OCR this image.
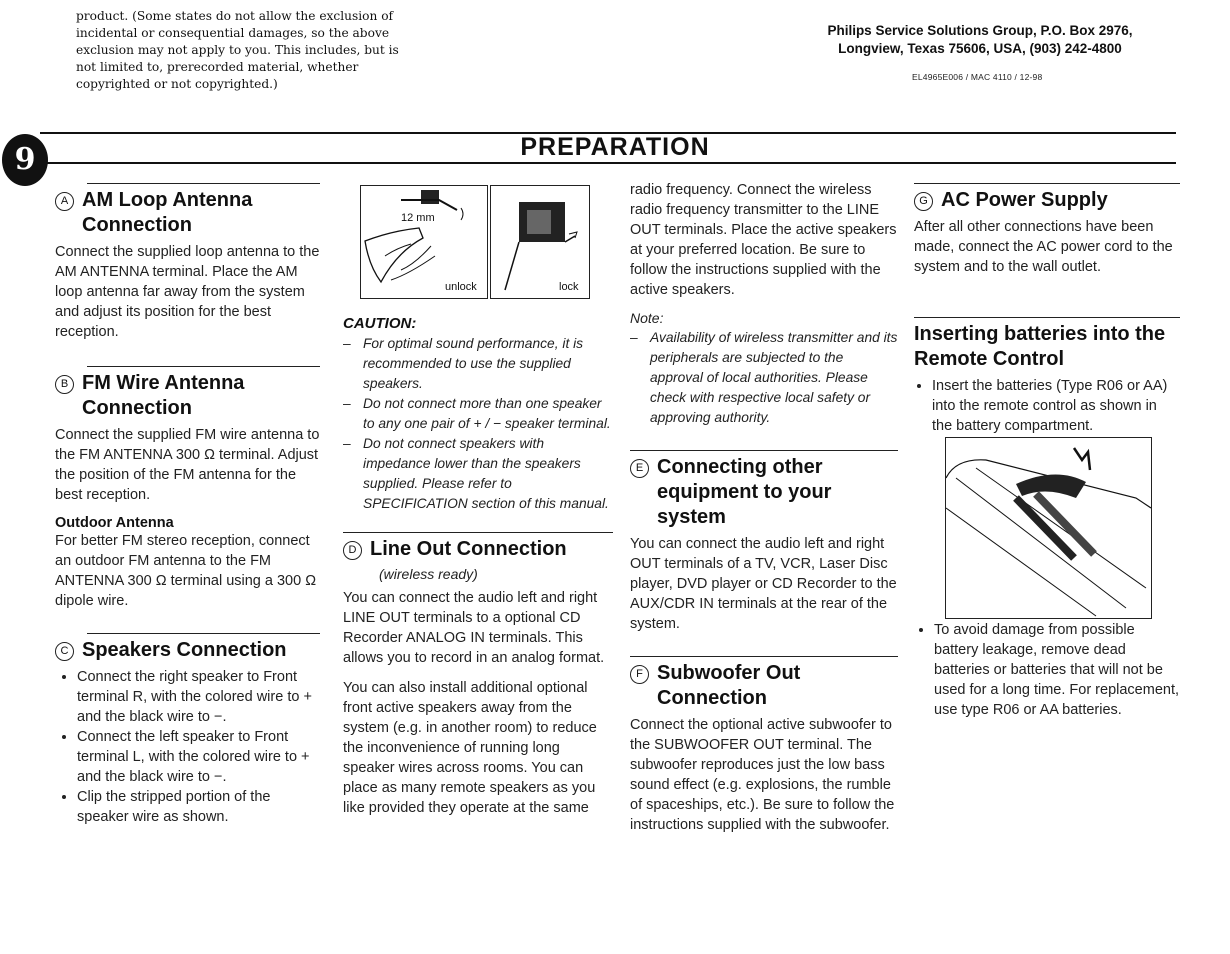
product. (Some states do not allow the exclusion of incidental or consequential damages, so the above exclusion may not apply to you. This includes, but is not limited to, prerecorded material, whether copyrighted or not copyrighted.)
Philips Service Solutions Group, P.O. Box 2976,
Longview, Texas 75606, USA, (903) 242-4800
EL4965E006 / MAC 4110 / 12-98
9	PREPARATION
A AM Loop Antenna Connection

Connect the supplied loop antenna to the AM ANTENNA terminal. Place the AM loop antenna far away from the system and adjust its position for the best reception.

B FM Wire Antenna Connection

Connect the supplied FM wire antenna to the FM ANTENNA 300 Ω terminal. Adjust the position of the FM antenna for the best reception.

Outdoor Antenna

For better FM stereo reception, connect an outdoor FM antenna to the FM ANTENNA 300 Ω terminal using a 300 Ω dipole wire.

C Speakers Connection
• Connect the right speaker to Front terminal R, with the colored wire to + and the black wire to −.
• Connect the left speaker to Front terminal L, with the colored wire to + and the black wire to −.
• Clip the stripped portion of the speaker wire as shown.
12 mm
unlock	lock
CAUTION:
– For optimal sound performance, it is recommended to use the supplied speakers.
– Do not connect more than one speaker to any one pair of + / − speaker terminal.
– Do not connect speakers with impedance lower than the speakers supplied. Please refer to SPECIFICATION section of this manual.
D Line Out Connection
(wireless ready)

You can connect the audio left and right LINE OUT terminals to a optional CD Recorder ANALOG IN terminals. This allows you to record in an analog format.

You can also install additional optional front active speakers away from the system (e.g. in another room) to reduce the inconvenience of running long speaker wires across rooms. You can place as many remote speakers as you like provided they operate at the same

radio frequency. Connect the wireless radio frequency transmitter to the LINE OUT terminals. Place the active speakers at your preferred location. Be sure to follow the instructions supplied with the active speakers.

Note:
– Availability of wireless transmitter and its peripherals are subjected to the approval of local authorities. Please check with respective local safety or approving authority.
E Connecting other equipment to your system

You can connect the audio left and right OUT terminals of a TV, VCR, Laser Disc player, DVD player or CD Recorder to the AUX/CDR IN terminals at the rear of the system.

F Subwoofer Out Connection

Connect the optional active subwoofer to the SUBWOOFER OUT terminal. The subwoofer reproduces just the low bass sound effect (e.g. explosions, the rumble of spaceships, etc.). Be sure to follow the instructions supplied with the subwoofer.

G AC Power Supply

After all other connections have been made, connect the AC power cord to the system and to the wall outlet.

Inserting batteries into the Remote Control
• Insert the batteries (Type R06 or AA) into the remote control as shown in the battery compartment.
• To avoid damage from possible battery leakage, remove dead batteries or batteries that will not be used for a long time. For replacement, use type R06 or AA batteries.
